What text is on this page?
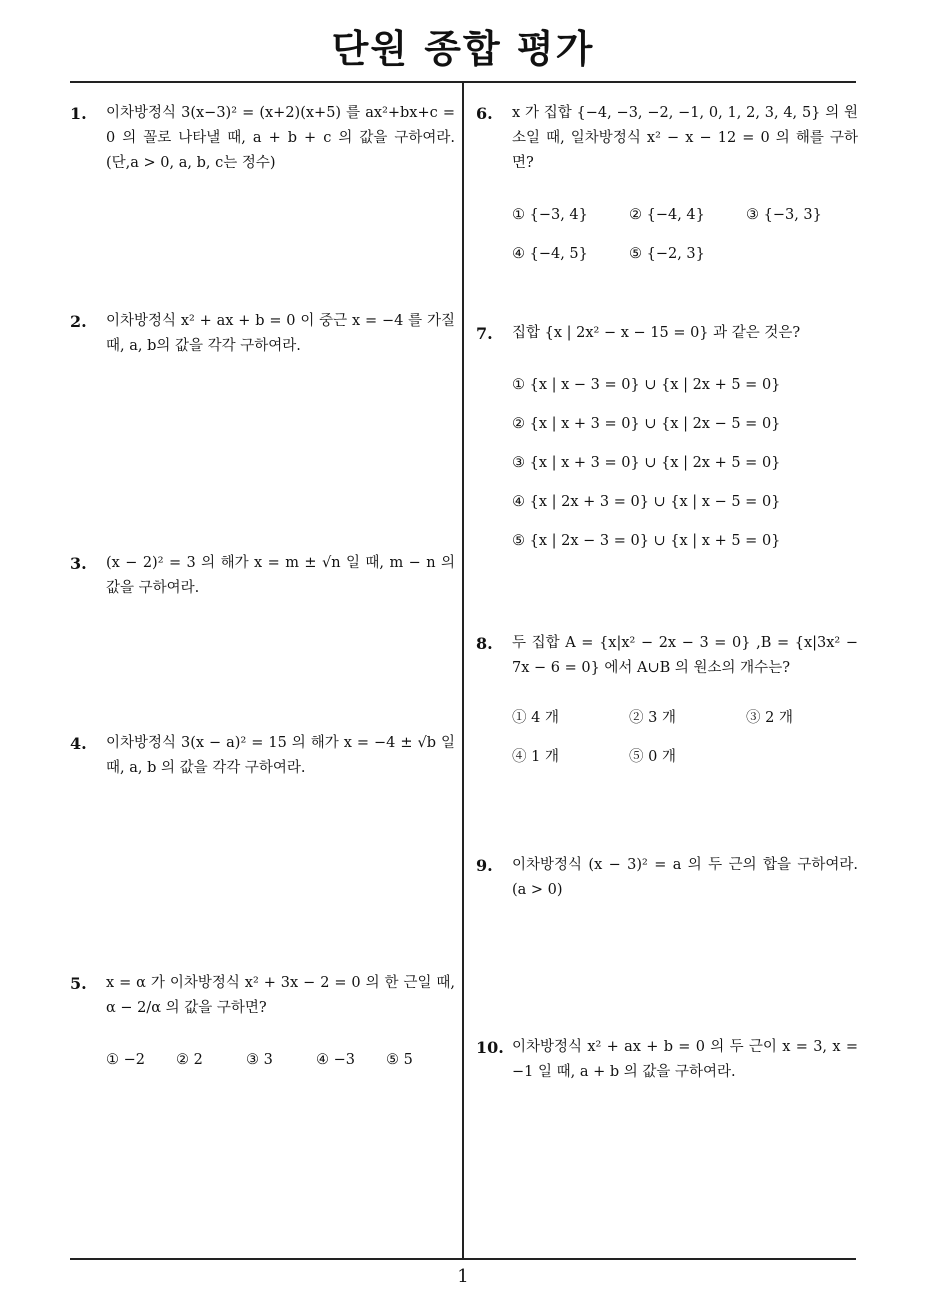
단원 종합 평가
1. 이차방정식 3(x−3)² = (x+2)(x+5) 를 ax²+bx+c = 0 의 꼴로 나타낼 때, a + b + c 의 값을 구하여라. (단,a > 0, a, b, c는 정수)
2. 이차방정식 x² + ax + b = 0 이 중근 x = −4 를 가질 때, a, b의 값을 각각 구하여라.
3. (x − 2)² = 3 의 해가 x = m ± √n 일 때, m − n 의 값을 구하여라.
4. 이차방정식 3(x − a)² = 15 의 해가 x = −4 ± √b 일 때, a, b 의 값을 각각 구하여라.
5. x = α 가 이차방정식 x² + 3x − 2 = 0 의 한 근일 때, α − 2/α 의 값을 구하면?
① −2 ② 2	③ 3	④ −3 ⑤ 5
6. x 가 집합 {−4, −3, −2, −1, 0, 1, 2, 3, 4, 5} 의 원소일 때, 일차방정식 x² − x − 12 = 0 의 해를 구하면?
① {−3, 4}	② {−4, 4}	③ {−3, 3}
④ {−4, 5}	⑤ {−2, 3}
7. 집합 {x | 2x² − x − 15 = 0} 과 같은 것은?
① {x | x − 3 = 0} ∪ {x | 2x + 5 = 0}
② {x | x + 3 = 0} ∪ {x | 2x − 5 = 0}
③ {x | x + 3 = 0} ∪ {x | 2x + 5 = 0}
④ {x | 2x + 3 = 0} ∪ {x | x − 5 = 0}
⑤ {x | 2x − 3 = 0} ∪ {x | x + 5 = 0}
8. 두 집합 A = {x|x² − 2x − 3 = 0} ,B = {x|3x² − 7x − 6 = 0} 에서 A∪B 의 원소의 개수는?
① 4 개	② 3 개	③ 2 개
④ 1 개	⑤ 0 개
9. 이차방정식 (x − 3)² = a 의 두 근의 합을 구하여라. (a > 0)
10. 이차방정식 x² + ax + b = 0 의 두 근이 x = 3, x = −1 일 때, a + b 의 값을 구하여라.
1
